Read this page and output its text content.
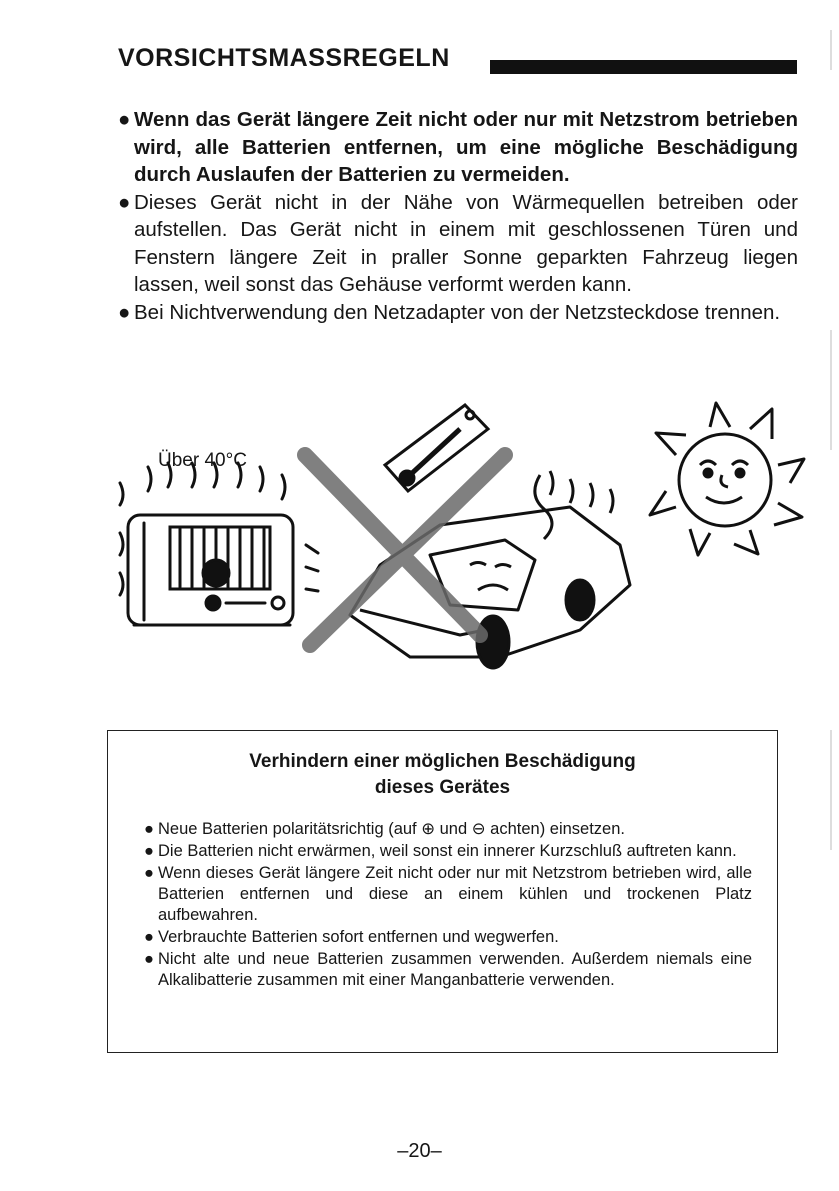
VORSICHTSMASSREGELN
● Wenn das Gerät längere Zeit nicht oder nur mit Netzstrom betrieben wird, alle Batterien entfernen, um eine mögliche Beschädigung durch Auslaufen der Batterien zu vermeiden.
● Dieses Gerät nicht in der Nähe von Wärmequellen betreiben oder aufstellen. Das Gerät nicht in einem mit geschlossenen Türen und Fenstern längere Zeit in praller Sonne geparkten Fahrzeug liegen lassen, weil sonst das Gehäuse verformt werden kann.
● Bei Nichtverwendung den Netzadapter von der Netzsteckdose trennen.
Über 40°C
Verhindern einer möglichen Beschädigung
dieses Gerätes
● Neue Batterien polaritätsrichtig (auf ⊕ und ⊖ achten) einsetzen.
● Die Batterien nicht erwärmen, weil sonst ein innerer Kurzschluß auftreten kann.
● Wenn dieses Gerät längere Zeit nicht oder nur mit Netzstrom betrieben wird, alle Batterien entfernen und diese an einem kühlen und trockenen Platz aufbewahren.
● Verbrauchte Batterien sofort entfernen und wegwerfen.
● Nicht alte und neue Batterien zusammen verwenden. Außerdem niemals eine Alkalibatterie zusammen mit einer Manganbatterie verwenden.
–20–
